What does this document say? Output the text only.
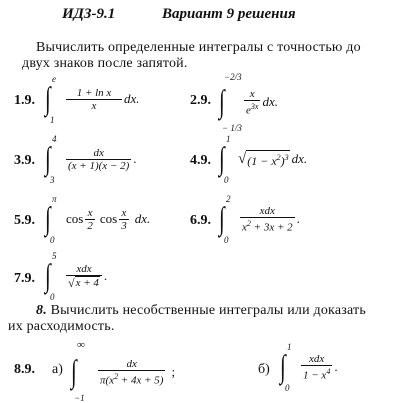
ИДЗ-9.1	Вариант 9 решения
Вычислить определенные интегралы с точностью до
двух знаков после запятой.
1.9.
e
∫
1
$\frac{\text{1 + ln x}}{x}$ dx.	2.9.
−2/3
∫
− 1/3
$\frac{x}{e^{3x}}$ dx.
3.9.
4
∫
3
$\frac{dx}{(x + 1)(x - 2)}$ .	4.9.
1
∫
0
√ $(1 - x^2)^3$ dx.
5.9.
π
∫
0
$\cos \frac{x}{2}$ $\cos \frac{x}{3}$ dx.	6.9.
2
∫
0
$\frac{\text{xdx}}{x^2 + 3x + 2}$ .
7.9.
5
∫
0
$\frac{\text{xdx}}{√ x + 4}$ .
8. Вычислить несобственные интегралы или доказать
их расходимость.
8.9. а)
∞
∫
−1
$\frac{dx}{\pi(x^2 + 4x + 5)}$ ;	б)
1
∫
0
$\frac{\text{xdx}}{1 - x^4}$ .
